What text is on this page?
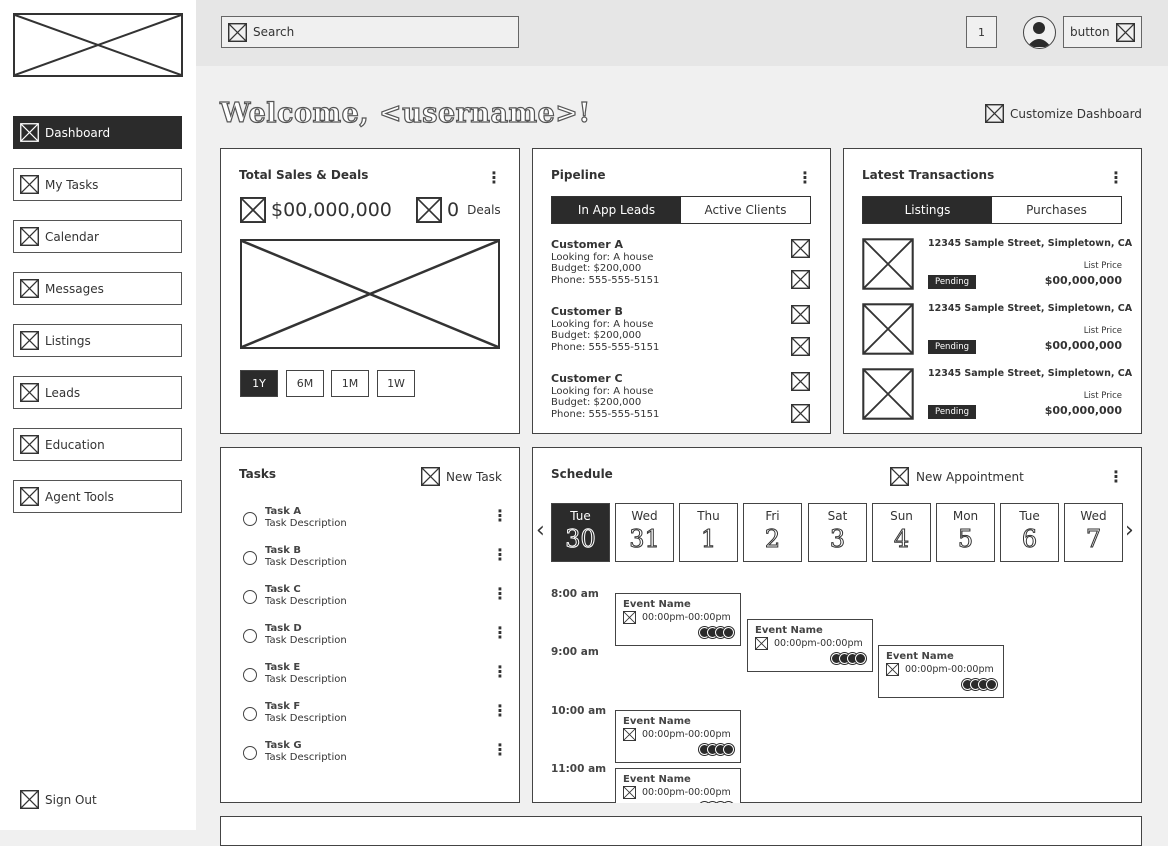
Dashboard
My Tasks
Calendar
Messages
Listings
Leads
Education
Agent Tools
Sign Out
Search	1	button
Welcome, <username>!	Customize Dashboard
Total Sales & Deals	⋮
$00,000,000	0 Deals
1Y	6M	1M	1W
Pipeline	⋮
In App Leads	Active Clients
Customer A
Looking for: A house
Budget: $200,000
Phone: 555-555-5151
Customer B
Looking for: A house
Budget: $200,000
Phone: 555-555-5151
Customer C
Looking for: A house
Budget: $200,000
Phone: 555-555-5151
Latest Transactions	⋮
Listings	Purchases
12345 Sample Street, Simpletown, CA
List Price
Pending	$00,000,000
12345 Sample Street, Simpletown, CA
List Price
Pending	$00,000,000
12345 Sample Street, Simpletown, CA
List Price
Pending	$00,000,000
Tasks	New Task
Task A
Task Description	⋮
Task B
Task Description	⋮
Task C
Task Description	⋮
Task D
Task Description	⋮
Task E
Task Description	⋮
Task F
Task Description	⋮
Task G
Task Description	⋮
Schedule	New Appointment	⋮
‹	›
Tue
30
Wed
31
Thu
1
Fri
2
Sat
3
Sun
4
Mon
5
Tue
6
Wed
7
8:00 am
9:00 am
10:00 am
11:00 am
Event Name
00:00pm-00:00pm
Event Name
00:00pm-00:00pm
Event Name
00:00pm-00:00pm
Event Name
00:00pm-00:00pm
Event Name
00:00pm-00:00pm
